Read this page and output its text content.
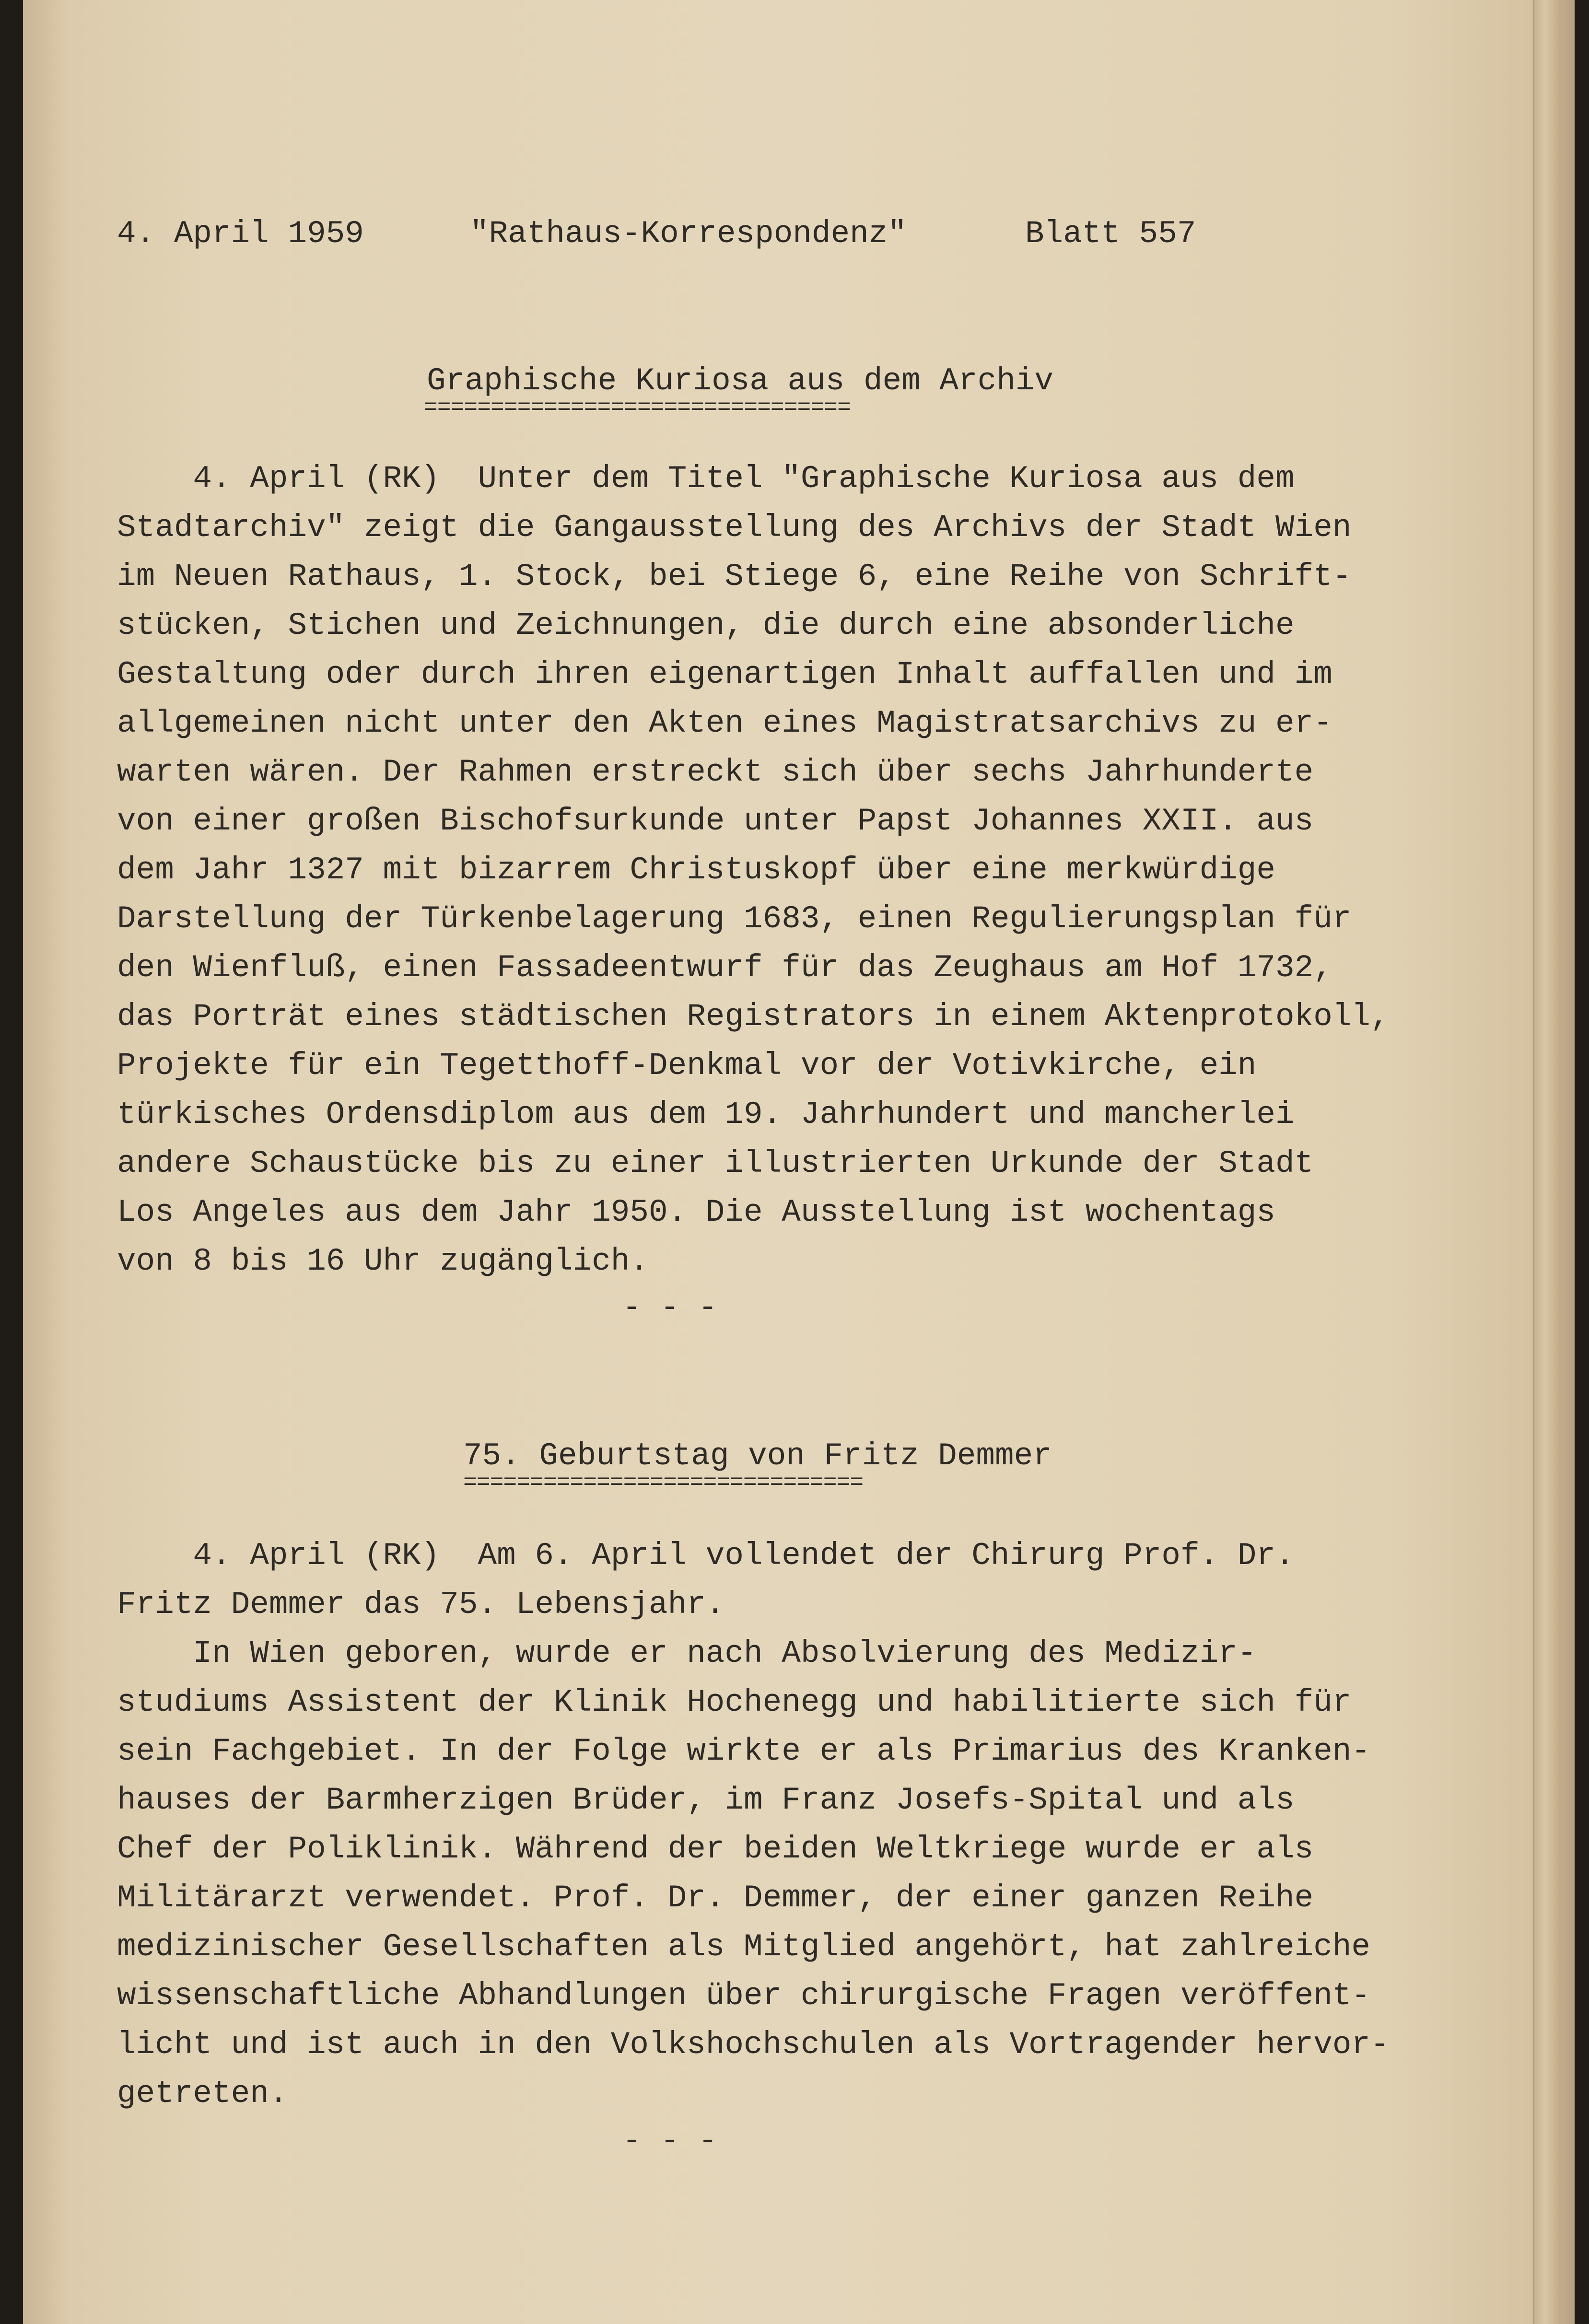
4. April 1959	"Rathaus-Korrespondenz"	Blatt 557
Graphische Kuriosa aus dem Archiv
================================
4. April (RK)  Unter dem Titel "Graphische Kuriosa aus dem
Stadtarchiv" zeigt die Gangausstellung des Archivs der Stadt Wien
im Neuen Rathaus, 1. Stock, bei Stiege 6, eine Reihe von Schrift-
stücken, Stichen und Zeichnungen, die durch eine absonderliche
Gestaltung oder durch ihren eigenartigen Inhalt auffallen und im
allgemeinen nicht unter den Akten eines Magistratsarchivs zu er-
warten wären. Der Rahmen erstreckt sich über sechs Jahrhunderte
von einer großen Bischofsurkunde unter Papst Johannes XXII. aus
dem Jahr 1327 mit bizarrem Christuskopf über eine merkwürdige
Darstellung der Türkenbelagerung 1683, einen Regulierungsplan für
den Wienfluß, einen Fassadeentwurf für das Zeughaus am Hof 1732,
das Porträt eines städtischen Registrators in einem Aktenprotokoll,
Projekte für ein Tegetthoff-Denkmal vor der Votivkirche, ein
türkisches Ordensdiplom aus dem 19. Jahrhundert und mancherlei
andere Schaustücke bis zu einer illustrierten Urkunde der Stadt
Los Angeles aus dem Jahr 1950. Die Ausstellung ist wochentags
von 8 bis 16 Uhr zugänglich.
- - -
75. Geburtstag von Fritz Demmer
==============================
4. April (RK)  Am 6. April vollendet der Chirurg Prof. Dr.
Fritz Demmer das 75. Lebensjahr.
In Wien geboren, wurde er nach Absolvierung des Medizir-
studiums Assistent der Klinik Hochenegg und habilitierte sich für
sein Fachgebiet. In der Folge wirkte er als Primarius des Kranken-
hauses der Barmherzigen Brüder, im Franz Josefs-Spital und als
Chef der Poliklinik. Während der beiden Weltkriege wurde er als
Militärarzt verwendet. Prof. Dr. Demmer, der einer ganzen Reihe
medizinischer Gesellschaften als Mitglied angehört, hat zahlreiche
wissenschaftliche Abhandlungen über chirurgische Fragen veröffent-
licht und ist auch in den Volkshochschulen als Vortragender hervor-
getreten.
- - -
